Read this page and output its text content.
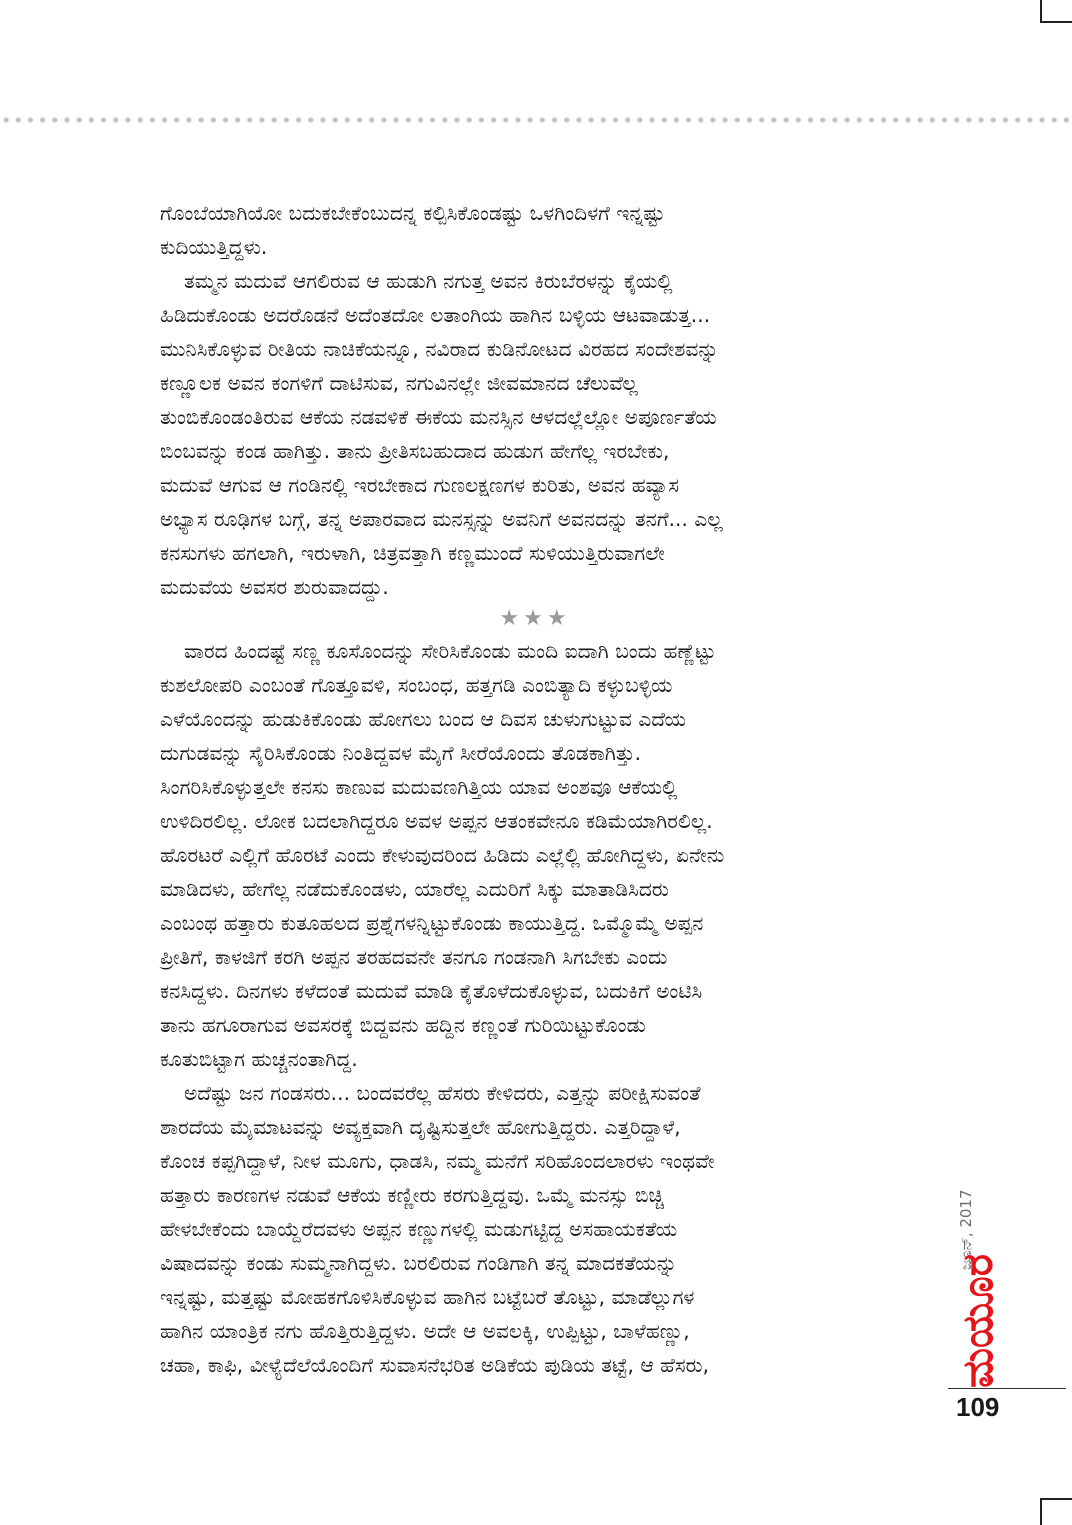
ಗೊಂಬೆಯಾಗಿಯೋ ಬದುಕಬೇಕೆಂಬುದನ್ನ ಕಲ್ಪಿಸಿಕೊಂಡಷ್ಟು ಒಳಗಿಂದಿಳಗೆ ಇನ್ನಷ್ಟು
ಕುದಿಯುತ್ತಿದ್ದಳು.
ತಮ್ಮನ ಮದುವೆ ಆಗಲಿರುವ ಆ ಹುಡುಗಿ ನಗುತ್ತ ಅವನ ಕಿರುಬೆರಳನ್ನು ಕೈಯಲ್ಲಿ
ಹಿಡಿದುಕೊಂಡು ಅದರೊಡನೆ ಅದೆಂತದೋ ಲತಾಂಗಿಯ ಹಾಗಿನ ಬಳ್ಳಿಯ ಆಟವಾಡುತ್ತ...
ಮುನಿಸಿಕೊಳ್ಳುವ ರೀತಿಯ ನಾಚಿಕೆಯನ್ನೂ, ನವಿರಾದ ಕುಡಿನೋಟದ ವಿರಹದ ಸಂದೇಶವನ್ನು
ಕಣ್ಣೂಲಕ ಅವನ ಕಂಗಳಿಗೆ ದಾಟಿಸುವ, ನಗುವಿನಲ್ಲೇ ಜೀವಮಾನದ ಚೆಲುವೆಲ್ಲ
ತುಂಬಿಕೊಂಡಂತಿರುವ ಆಕೆಯ ನಡವಳಿಕೆ ಈಕೆಯ ಮನಸ್ಸಿನ ಆಳದಲ್ಲೆಲ್ಲೋ ಅಪೂರ್ಣತೆಯ
ಬಿಂಬವನ್ನು ಕಂಡ ಹಾಗಿತ್ತು. ತಾನು ಪ್ರೀತಿಸಬಹುದಾದ ಹುಡುಗ ಹೇಗೆಲ್ಲ ಇರಬೇಕು,
ಮದುವೆ ಆಗುವ ಆ ಗಂಡಿನಲ್ಲಿ ಇರಬೇಕಾದ ಗುಣಲಕ್ಷಣಗಳ ಕುರಿತು, ಅವನ ಹವ್ಯಾಸ
ಅಭ್ಯಾಸ ರೂಢಿಗಳ ಬಗ್ಗೆ, ತನ್ನ ಅಪಾರವಾದ ಮನಸ್ಸನ್ನು ಅವನಿಗೆ ಅವನದನ್ನು ತನಗೆ... ಎಲ್ಲ
ಕನಸುಗಳು ಹಗಲಾಗಿ, ಇರುಳಾಗಿ, ಚಿತ್ರವತ್ತಾಗಿ ಕಣ್ಣಮುಂದೆ ಸುಳಿಯುತ್ತಿರುವಾಗಲೇ
ಮದುವೆಯ ಅವಸರ ಶುರುವಾದದ್ದು.
★★★
ವಾರದ ಹಿಂದಷ್ಟೆ ಸಣ್ಣ ಕೂಸೊಂದನ್ನು ಸೇರಿಸಿಕೊಂಡು ಮಂದಿ ಐದಾಗಿ ಬಂದು ಹಣ್ಣೆಟ್ಟು
ಕುಶಲೋಪರಿ ಎಂಬಂತೆ ಗೊತ್ತೂವಳಿ, ಸಂಬಂಧ, ಹತ್ತಗಡಿ ಎಂಬಿತ್ಯಾದಿ ಕಳ್ಳುಬಳ್ಳಿಯ
ಎಳೆಯೊಂದನ್ನು ಹುಡುಕಿಕೊಂಡು ಹೋಗಲು ಬಂದ ಆ ದಿವಸ ಚುಳುಗುಟ್ಟುವ ಎದೆಯ
ದುಗುಡವನ್ನು ಸೈರಿಸಿಕೊಂಡು ನಿಂತಿದ್ದವಳ ಮೈಗೆ ಸೀರೆಯೊಂದು ತೊಡಕಾಗಿತ್ತು.
ಸಿಂಗರಿಸಿಕೊಳ್ಳುತ್ತಲೇ ಕನಸು ಕಾಣುವ ಮದುವಣಗಿತ್ತಿಯ ಯಾವ ಅಂಶವೂ ಆಕೆಯಲ್ಲಿ
ಉಳಿದಿರಲಿಲ್ಲ. ಲೋಕ ಬದಲಾಗಿದ್ದರೂ ಅವಳ ಅಪ್ಪನ ಆತಂಕವೇನೂ ಕಡಿಮೆಯಾಗಿರಲಿಲ್ಲ.
ಹೊರಟರೆ ಎಲ್ಲಿಗೆ ಹೊರಟೆ ಎಂದು ಕೇಳುವುದರಿಂದ ಹಿಡಿದು ಎಲ್ಲೆಲ್ಲಿ ಹೋಗಿದ್ದಳು, ಏನೇನು
ಮಾಡಿದಳು, ಹೇಗೆಲ್ಲ ನಡೆದುಕೊಂಡಳು, ಯಾರೆಲ್ಲ ಎದುರಿಗೆ ಸಿಕ್ಕು ಮಾತಾಡಿಸಿದರು
ಎಂಬಂಥ ಹತ್ತಾರು ಕುತೂಹಲದ ಪ್ರಶ್ನೆಗಳನ್ನಿಟ್ಟುಕೊಂಡು ಕಾಯುತ್ತಿದ್ದ. ಒಮ್ಮೊಮ್ಮೆ ಅಪ್ಪನ
ಪ್ರೀತಿಗೆ, ಕಾಳಜಿಗೆ ಕರಗಿ ಅಪ್ಪನ ತರಹದವನೇ ತನಗೂ ಗಂಡನಾಗಿ ಸಿಗಬೇಕು ಎಂದು
ಕನಸಿದ್ದಳು. ದಿನಗಳು ಕಳೆದಂತೆ ಮದುವೆ ಮಾಡಿ ಕೈತೊಳೆದುಕೊಳ್ಳುವ, ಬದುಕಿಗೆ ಅಂಟಿಸಿ
ತಾನು ಹಗೂರಾಗುವ ಅವಸರಕ್ಕೆ ಬಿದ್ದವನು ಹದ್ದಿನ ಕಣ್ಣಂತೆ ಗುರಿಯಿಟ್ಟುಕೊಂಡು
ಕೂತುಬಿಟ್ಟಾಗ ಹುಚ್ಚನಂತಾಗಿದ್ದ.
ಅದೆಷ್ಟು ಜನ ಗಂಡಸರು... ಬಂದವರೆಲ್ಲ ಹೆಸರು ಕೇಳಿದರು, ಎತ್ತನ್ನು ಪರೀಕ್ಷಿಸುವಂತೆ
ಶಾರದೆಯ ಮೈಮಾಟವನ್ನು ಅವ್ಯಕ್ತವಾಗಿ ದೃಷ್ಟಿಸುತ್ತಲೇ ಹೋಗುತ್ತಿದ್ದರು. ಎತ್ತರಿದ್ದಾಳೆ,
ಕೊಂಚ ಕಪ್ಪಗಿದ್ದಾಳೆ, ನೀಳ ಮೂಗು, ಧಾಡಸಿ, ನಮ್ಮ ಮನೆಗೆ ಸರಿಹೊಂದಲಾರಳು ಇಂಥವೇ
ಹತ್ತಾರು ಕಾರಣಗಳ ನಡುವೆ ಆಕೆಯ ಕಣ್ಣೀರು ಕರಗುತ್ತಿದ್ದವು. ಒಮ್ಮೆ ಮನಸ್ಸು ಬಿಚ್ಚಿ
ಹೇಳಬೇಕೆಂದು ಬಾಯ್ದೆರೆದವಳು ಅಪ್ಪನ ಕಣ್ಣುಗಳಲ್ಲಿ ಮಡುಗಟ್ಟಿದ್ದ ಅಸಹಾಯಕತೆಯ
ವಿಷಾದವನ್ನು ಕಂಡು ಸುಮ್ಮನಾಗಿದ್ದಳು. ಬರಲಿರುವ ಗಂಡಿಗಾಗಿ ತನ್ನ ಮಾದಕತೆಯನ್ನು
ಇನ್ನಷ್ಟು, ಮತ್ತಷ್ಟು ಮೋಹಕಗೊಳಿಸಿಕೊಳ್ಳುವ ಹಾಗಿನ ಬಟ್ಟೆಬರೆ ತೊಟ್ಟು, ಮಾಡೆಲ್ಲುಗಳ
ಹಾಗಿನ ಯಾಂತ್ರಿಕ ನಗು ಹೊತ್ತಿರುತ್ತಿದ್ದಳು. ಅದೇ ಆ ಅವಲಕ್ಕಿ, ಉಪ್ಪಿಟ್ಟು, ಬಾಳೆಹಣ್ಣು,
ಚಹಾ, ಕಾಫಿ, ವೀಳ್ಯೆದೆಲೆಯೊಂದಿಗೆ ಸುವಾಸನೆಭರಿತ ಅಡಿಕೆಯ ಪುಡಿಯ ತಟ್ಟೆ, ಆ ಹೆಸರು,
ಜೂನ್, 2017
ಮಯೂರ
109
